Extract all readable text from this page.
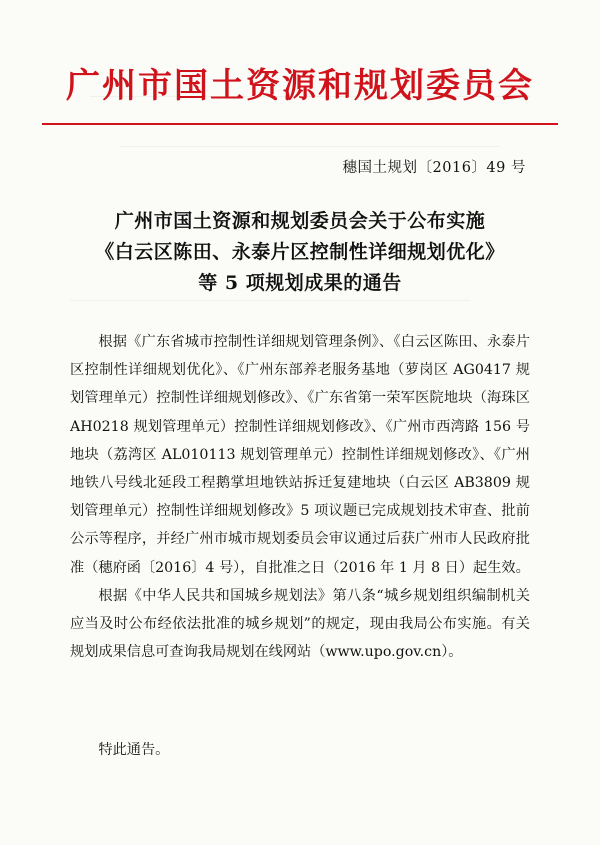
广州市国土资源和规划委员会
穗国土规划〔2016〕49 号
广州市国土资源和规划委员会关于公布实施
《白云区陈田、永泰片区控制性详细规划优化》
等 5 项规划成果的通告

根据《广东省城市控制性详细规划管理条例》、《白云区陈田、永泰片区控制性详细规划优化》、《广州东部养老服务基地（萝岗区 AG0417 规划管理单元）控制性详细规划修改》、《广东省第一荣军医院地块（海珠区 AH0218 规划管理单元）控制性详细规划修改》、《广州市西湾路 156 号地块（荔湾区 AL010113 规划管理单元）控制性详细规划修改》、《广州地铁八号线北延段工程鹅掌坦地铁站拆迁复建地块（白云区 AB3809 规划管理单元）控制性详细规划修改》5 项议题已完成规划技术审查、批前公示等程序，并经广州市城市规划委员会审议通过后获广州市人民政府批准（穗府函〔2016〕4 号），自批准之日（2016 年 1 月 8 日）起生效。

根据《中华人民共和国城乡规划法》第八条“城乡规划组织编制机关应当及时公布经依法批准的城乡规划”的规定，现由我局公布实施。有关规划成果信息可查询我局规划在线网站（www.upo.gov.cn）。

特此通告。
